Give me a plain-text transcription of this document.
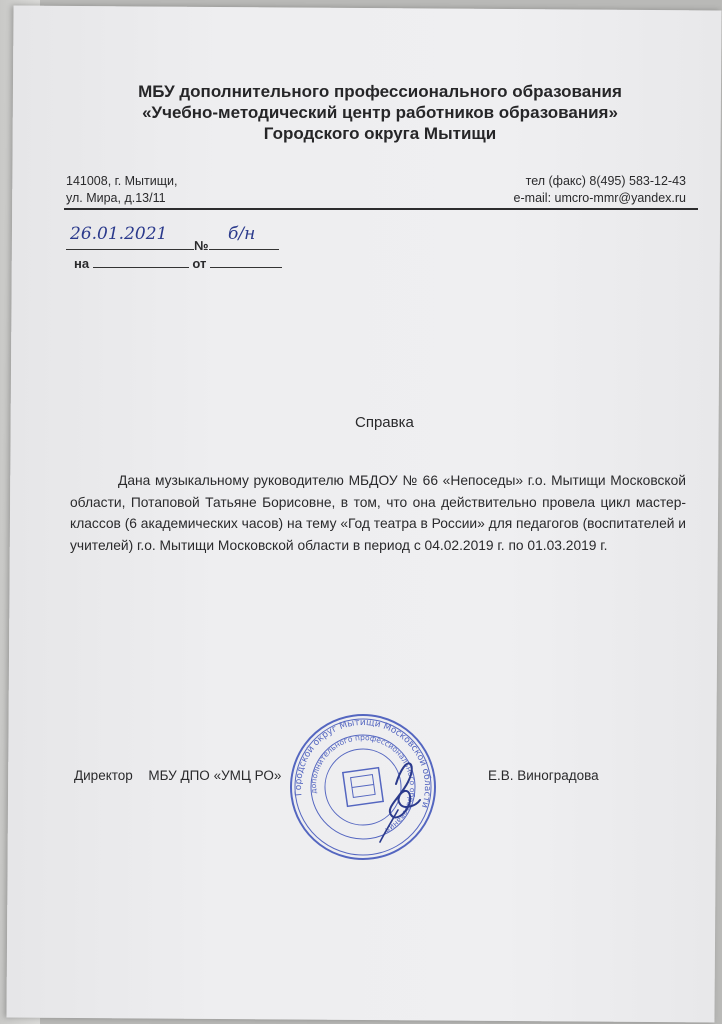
МБУ дополнительного профессионального образования
«Учебно-методический центр работников образования»
Городского округа Мытищи
141008, г. Мытищи,
ул. Мира, д.13/11
тел (факс) 8(495) 583-12-43
e-mail: umcro-mmr@yandex.ru
№
26.01.2021	б/н
на	от
Справка
Дана музыкальному руководителю МБДОУ № 66 «Непоседы» г.о. Мытищи Московской области, Потаповой Татьяне Борисовне, в том, что она действительно провела цикл мастер-классов (6 академических часов) на тему «Год театра в России» для педагогов (воспитателей и учителей) г.о. Мытищи Московской области в период с 04.02.2019 г. по 01.03.2019 г.
Директор МБУ ДПО «УМЦ РО»	Е.В. Виноградова
Городской округ Мытищи Московской области
дополнительного профессионального образования
